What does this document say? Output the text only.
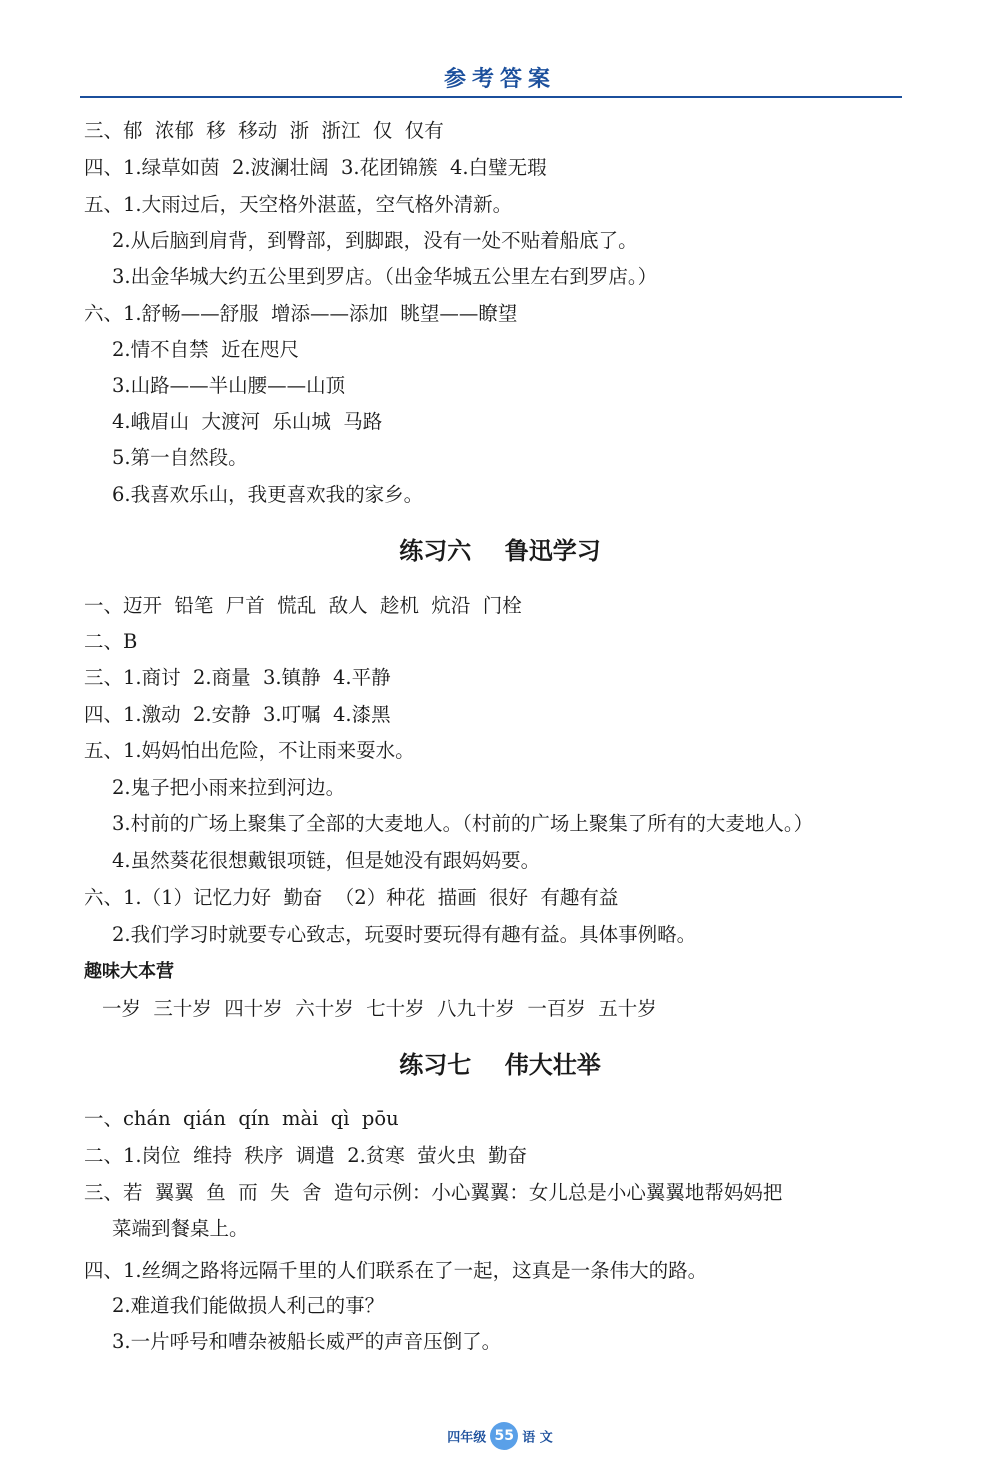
参考答案
三、郁  浓郁  移  移动  浙  浙江  仅  仅有
四、1.绿草如茵  2.波澜壮阔  3.花团锦簇  4.白璧无瑕
五、1.大雨过后，天空格外湛蓝，空气格外清新。
2.从后脑到肩背，到臀部，到脚跟，没有一处不贴着船底了。
3.出金华城大约五公里到罗店。（出金华城五公里左右到罗店。）
六、1.舒畅——舒服  增添——添加  眺望——瞭望
2.情不自禁  近在咫尺
3.山路——半山腰——山顶
4.峨眉山  大渡河  乐山城  马路
5.第一自然段。
6.我喜欢乐山，我更喜欢我的家乡。
练习六    鲁迅学习
一、迈开  铅笔  尸首  慌乱  敌人  趁机  炕沿  门栓
二、B
三、1.商讨  2.商量  3.镇静  4.平静
四、1.激动  2.安静  3.叮嘱  4.漆黑
五、1.妈妈怕出危险，不让雨来耍水。
2.鬼子把小雨来拉到河边。
3.村前的广场上聚集了全部的大麦地人。（村前的广场上聚集了所有的大麦地人。）
4.虽然葵花很想戴银项链，但是她没有跟妈妈要。
六、1.（1）记忆力好  勤奋  （2）种花  描画  很好  有趣有益
2.我们学习时就要专心致志，玩耍时要玩得有趣有益。具体事例略。
趣味大本营
一岁  三十岁  四十岁  六十岁  七十岁  八九十岁  一百岁  五十岁
练习七    伟大壮举
一、chán  qián  qín  mài  qì  pōu
二、1.岗位  维持  秩序  调遣  2.贫寒  萤火虫  勤奋
三、若  翼翼  鱼  而  失  舍  造句示例：小心翼翼：女儿总是小心翼翼地帮妈妈把
菜端到餐桌上。
四、1.丝绸之路将远隔千里的人们联系在了一起，这真是一条伟大的路。
2.难道我们能做损人利己的事？
3.一片呼号和嘈杂被船长威严的声音压倒了。
四年级 55 语 文
